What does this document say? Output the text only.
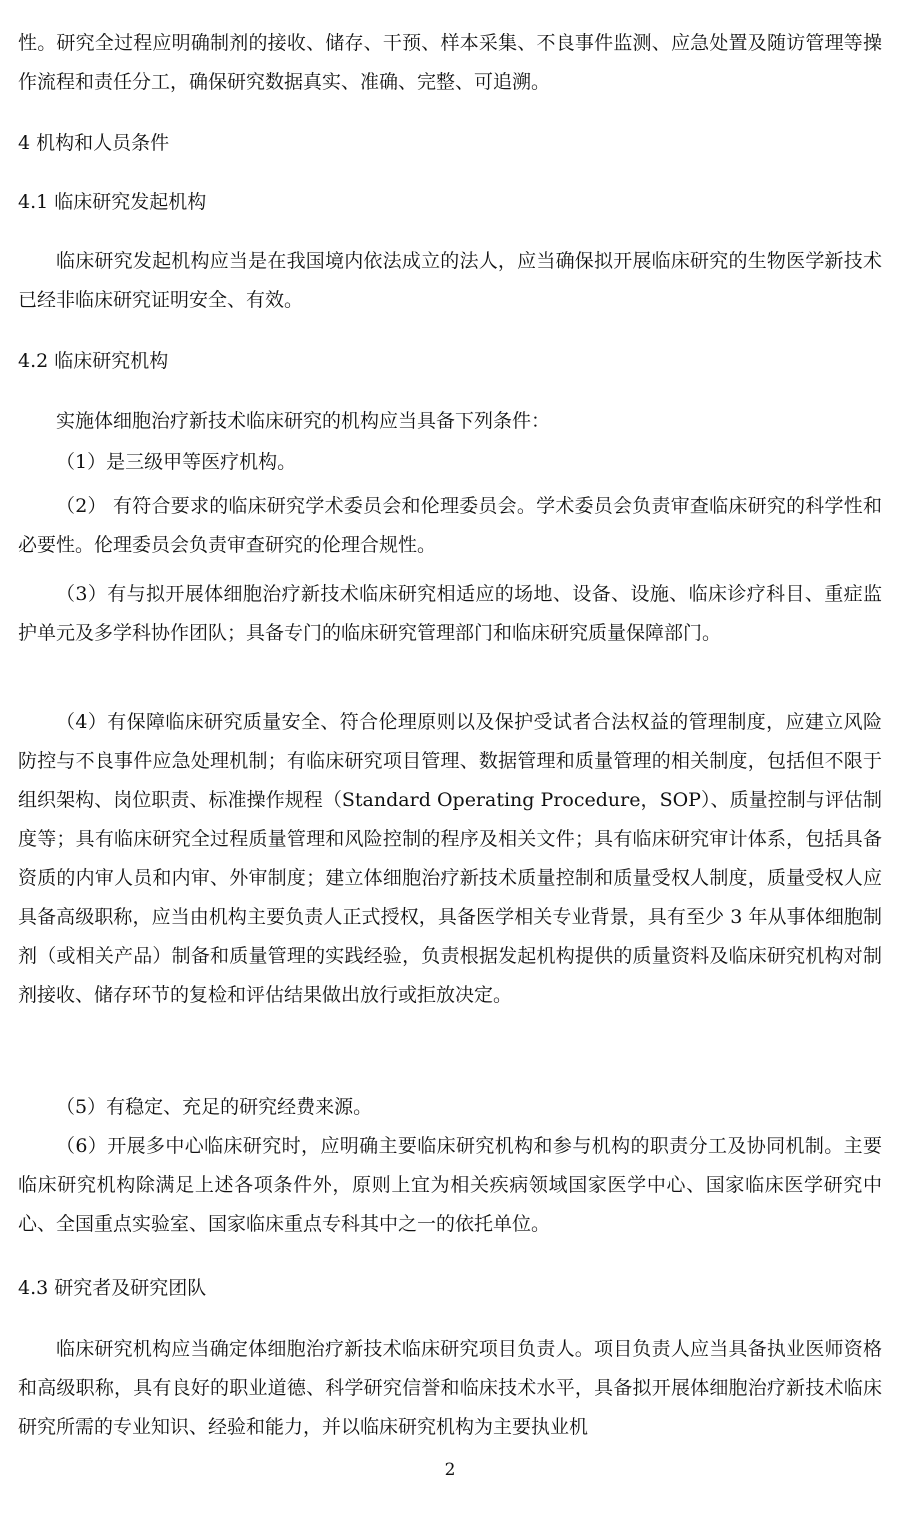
性。研究全过程应明确制剂的接收、储存、干预、样本采集、不良事件监测、应急处置及随访管理等操作流程和责任分工，确保研究数据真实、准确、完整、可追溯。

4 机构和人员条件

4.1 临床研究发起机构

临床研究发起机构应当是在我国境内依法成立的法人，应当确保拟开展临床研究的生物医学新技术已经非临床研究证明安全、有效。

4.2 临床研究机构

实施体细胞治疗新技术临床研究的机构应当具备下列条件：

（1）是三级甲等医疗机构。

（2） 有符合要求的临床研究学术委员会和伦理委员会。学术委员会负责审查临床研究的科学性和必要性。伦理委员会负责审查研究的伦理合规性。

（3）有与拟开展体细胞治疗新技术临床研究相适应的场地、设备、设施、临床诊疗科目、重症监护单元及多学科协作团队；具备专门的临床研究管理部门和临床研究质量保障部门。

（4）有保障临床研究质量安全、符合伦理原则以及保护受试者合法权益的管理制度，应建立风险防控与不良事件应急处理机制；有临床研究项目管理、数据管理和质量管理的相关制度，包括但不限于组织架构、岗位职责、标准操作规程（Standard Operating Procedure，SOP）、质量控制与评估制度等；具有临床研究全过程质量管理和风险控制的程序及相关文件；具有临床研究审计体系，包括具备资质的内审人员和内审、外审制度；建立体细胞治疗新技术质量控制和质量受权人制度，质量受权人应具备高级职称，应当由机构主要负责人正式授权，具备医学相关专业背景，具有至少 3 年从事体细胞制剂（或相关产品）制备和质量管理的实践经验，负责根据发起机构提供的质量资料及临床研究机构对制剂接收、储存环节的复检和评估结果做出放行或拒放决定。

（5）有稳定、充足的研究经费来源。

（6）开展多中心临床研究时，应明确主要临床研究机构和参与机构的职责分工及协同机制。主要临床研究机构除满足上述各项条件外，原则上宜为相关疾病领域国家医学中心、国家临床医学研究中心、全国重点实验室、国家临床重点专科其中之一的依托单位。

4.3 研究者及研究团队

临床研究机构应当确定体细胞治疗新技术临床研究项目负责人。项目负责人应当具备执业医师资格和高级职称，具有良好的职业道德、科学研究信誉和临床技术水平，具备拟开展体细胞治疗新技术临床研究所需的专业知识、经验和能力，并以临床研究机构为主要执业机

2
